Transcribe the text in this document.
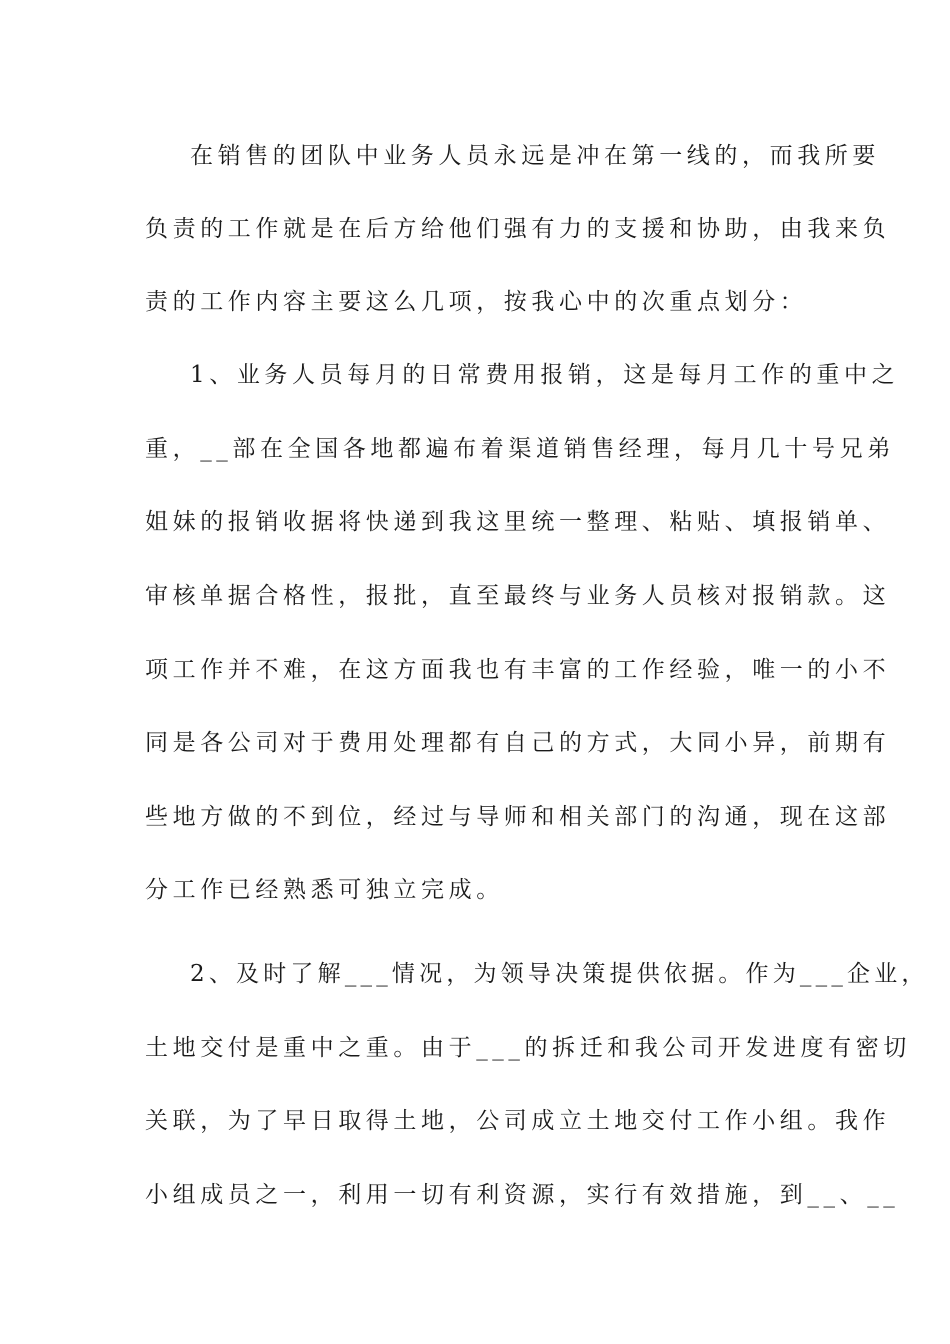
在销售的团队中业务人员永远是冲在第一线的，而我所要
负责的工作就是在后方给他们强有力的支援和协助，由我来负
责的工作内容主要这么几项，按我心中的次重点划分：
1、业务人员每月的日常费用报销，这是每月工作的重中之
重，__部在全国各地都遍布着渠道销售经理，每月几十号兄弟
姐妹的报销收据将快递到我这里统一整理、粘贴、填报销单、
审核单据合格性，报批，直至最终与业务人员核对报销款。这
项工作并不难，在这方面我也有丰富的工作经验，唯一的小不
同是各公司对于费用处理都有自己的方式，大同小异，前期有
些地方做的不到位，经过与导师和相关部门的沟通，现在这部
分工作已经熟悉可独立完成。
2、及时了解___情况，为领导决策提供依据。作为___企业，
土地交付是重中之重。由于___的拆迁和我公司开发进度有密切
关联，为了早日取得土地，公司成立土地交付工作小组。我作
小组成员之一，利用一切有利资源，实行有效措施，到__、__
